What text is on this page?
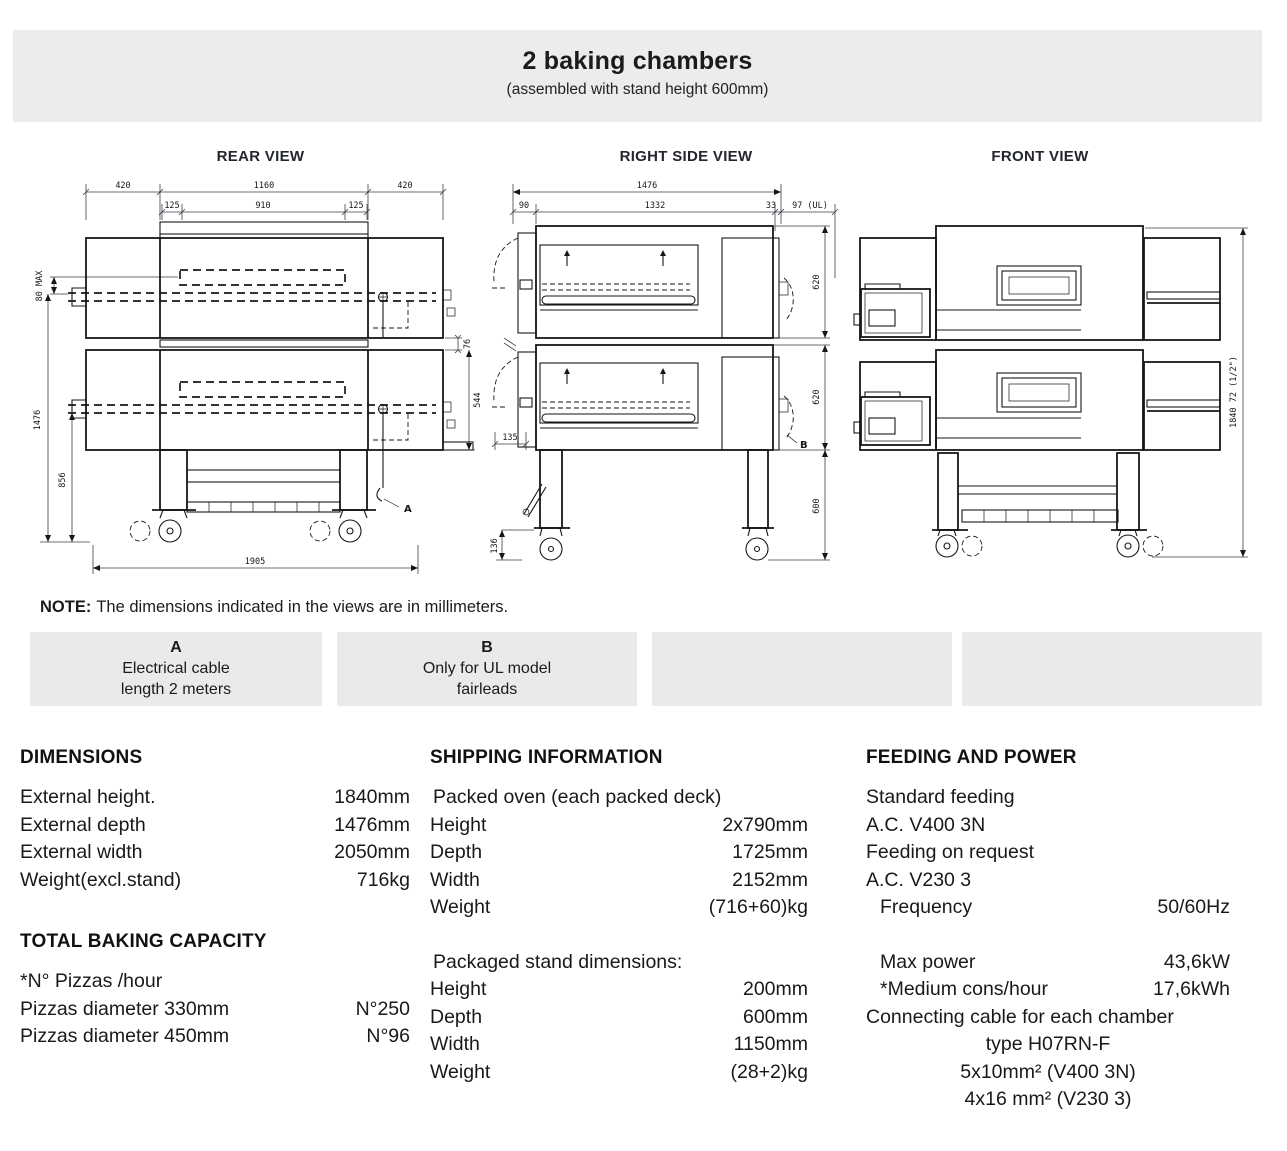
2 baking chambers
(assembled with stand height 600mm)
REAR VIEW	RIGHT SIDE VIEW	FRONT VIEW
420	1160	420
125	910	125
80 MAX
1476
856
76
544
1905
A
1476
90	1332	33 97 (UL)
620
620
600
135
136
B
1840 72 (1/2")
NOTE: The dimensions indicated in the views are in millimeters.
A
Electrical cable
length 2 meters
B
Only for UL model
fairleads
DIMENSIONS
External height.	1840mm
External depth	1476mm
External width	2050mm
Weight(excl.stand)	716kg
TOTAL BAKING CAPACITY
*N° Pizzas /hour
Pizzas diameter 330mm	N°250
Pizzas diameter 450mm	N°96
SHIPPING INFORMATION
Packed oven (each packed deck)
Height	2x790mm
Depth	1725mm
Width	2152mm
Weight	(716+60)kg
Packaged stand dimensions:
Height	200mm
Depth	600mm
Width	1150mm
Weight	(28+2)kg
FEEDING AND POWER
Standard feeding
A.C. V400 3N
Feeding on request
A.C. V230 3
Frequency	50/60Hz
Max power	43,6kW
*Medium cons/hour	17,6kWh
Connecting cable for each chamber
type H07RN-F
5x10mm² (V400 3N)
4x16 mm² (V230 3)
